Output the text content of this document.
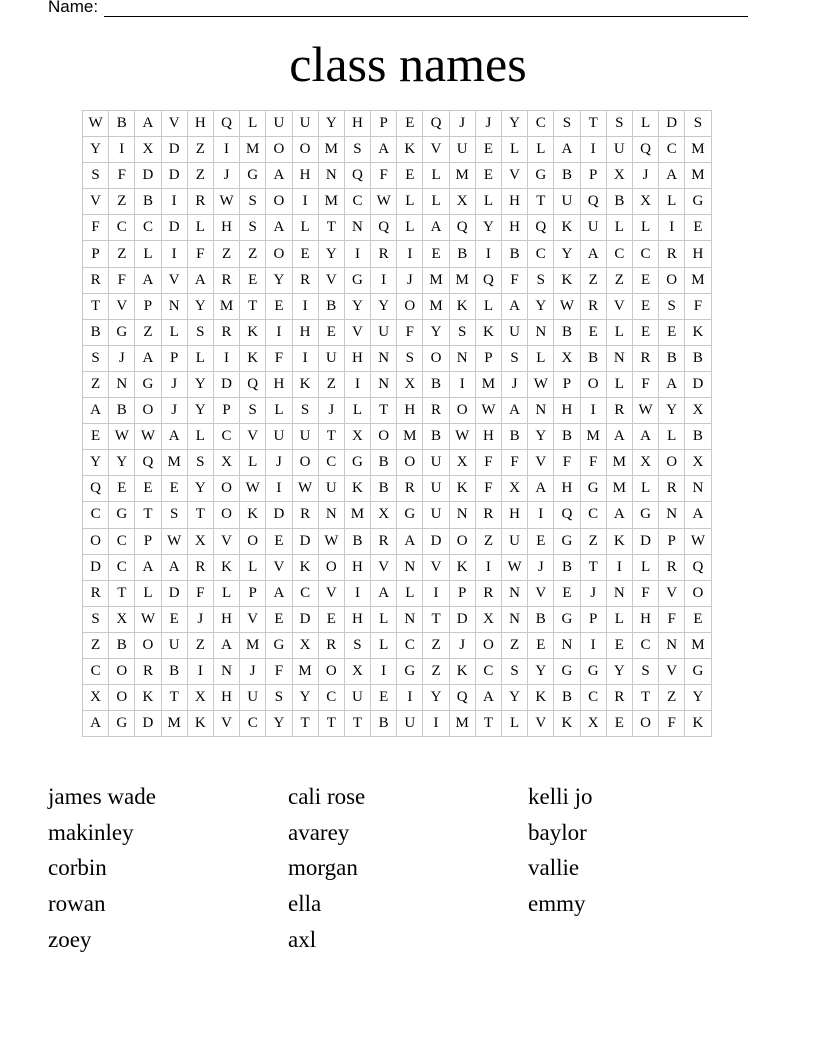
Name:
class names
W	B	A	V	H	Q	L	U	U	Y	H	P	E	Q	J	J	Y	C	S	T	S	L	D	S
Y	I	X	D	Z	I	M	O	O	M	S	A	K	V	U	E	L	L	A	I	U	Q	C	M
S	F	D	D	Z	J	G	A	H	N	Q	F	E	L	M	E	V	G	B	P	X	J	A	M
V	Z	B	I	R	W	S	O	I	M	C	W	L	L	X	L	H	T	U	Q	B	X	L	G
F	C	C	D	L	H	S	A	L	T	N	Q	L	A	Q	Y	H	Q	K	U	L	L	I	E
P	Z	L	I	F	Z	Z	O	E	Y	I	R	I	E	B	I	B	C	Y	A	C	C	R	H
R	F	A	V	A	R	E	Y	R	V	G	I	J	M	M	Q	F	S	K	Z	Z	E	O	M
T	V	P	N	Y	M	T	E	I	B	Y	Y	O	M	K	L	A	Y	W	R	V	E	S	F
B	G	Z	L	S	R	K	I	H	E	V	U	F	Y	S	K	U	N	B	E	L	E	E	K
S	J	A	P	L	I	K	F	I	U	H	N	S	O	N	P	S	L	X	B	N	R	B	B
Z	N	G	J	Y	D	Q	H	K	Z	I	N	X	B	I	M	J	W	P	O	L	F	A	D
A	B	O	J	Y	P	S	L	S	J	L	T	H	R	O	W	A	N	H	I	R	W	Y	X
E	W	W	A	L	C	V	U	U	T	X	O	M	B	W	H	B	Y	B	M	A	A	L	B
Y	Y	Q	M	S	X	L	J	O	C	G	B	O	U	X	F	F	V	F	F	M	X	O	X
Q	E	E	E	Y	O	W	I	W	U	K	B	R	U	K	F	X	A	H	G	M	L	R	N
C	G	T	S	T	O	K	D	R	N	M	X	G	U	N	R	H	I	Q	C	A	G	N	A
O	C	P	W	X	V	O	E	D	W	B	R	A	D	O	Z	U	E	G	Z	K	D	P	W
D	C	A	A	R	K	L	V	K	O	H	V	N	V	K	I	W	J	B	T	I	L	R	Q
R	T	L	D	F	L	P	A	C	V	I	A	L	I	P	R	N	V	E	J	N	F	V	O
S	X	W	E	J	H	V	E	D	E	H	L	N	T	D	X	N	B	G	P	L	H	F	E
Z	B	O	U	Z	A	M	G	X	R	S	L	C	Z	J	O	Z	E	N	I	E	C	N	M
C	O	R	B	I	N	J	F	M	O	X	I	G	Z	K	C	S	Y	G	G	Y	S	V	G
X	O	K	T	X	H	U	S	Y	C	U	E	I	Y	Q	A	Y	K	B	C	R	T	Z	Y
A	G	D	M	K	V	C	Y	T	T	T	B	U	I	M	T	L	V	K	X	E	O	F	K
james wade	cali rose	kelli jo
makinley	avarey	baylor
corbin	morgan	vallie
rowan	ella	emmy
zoey	axl
